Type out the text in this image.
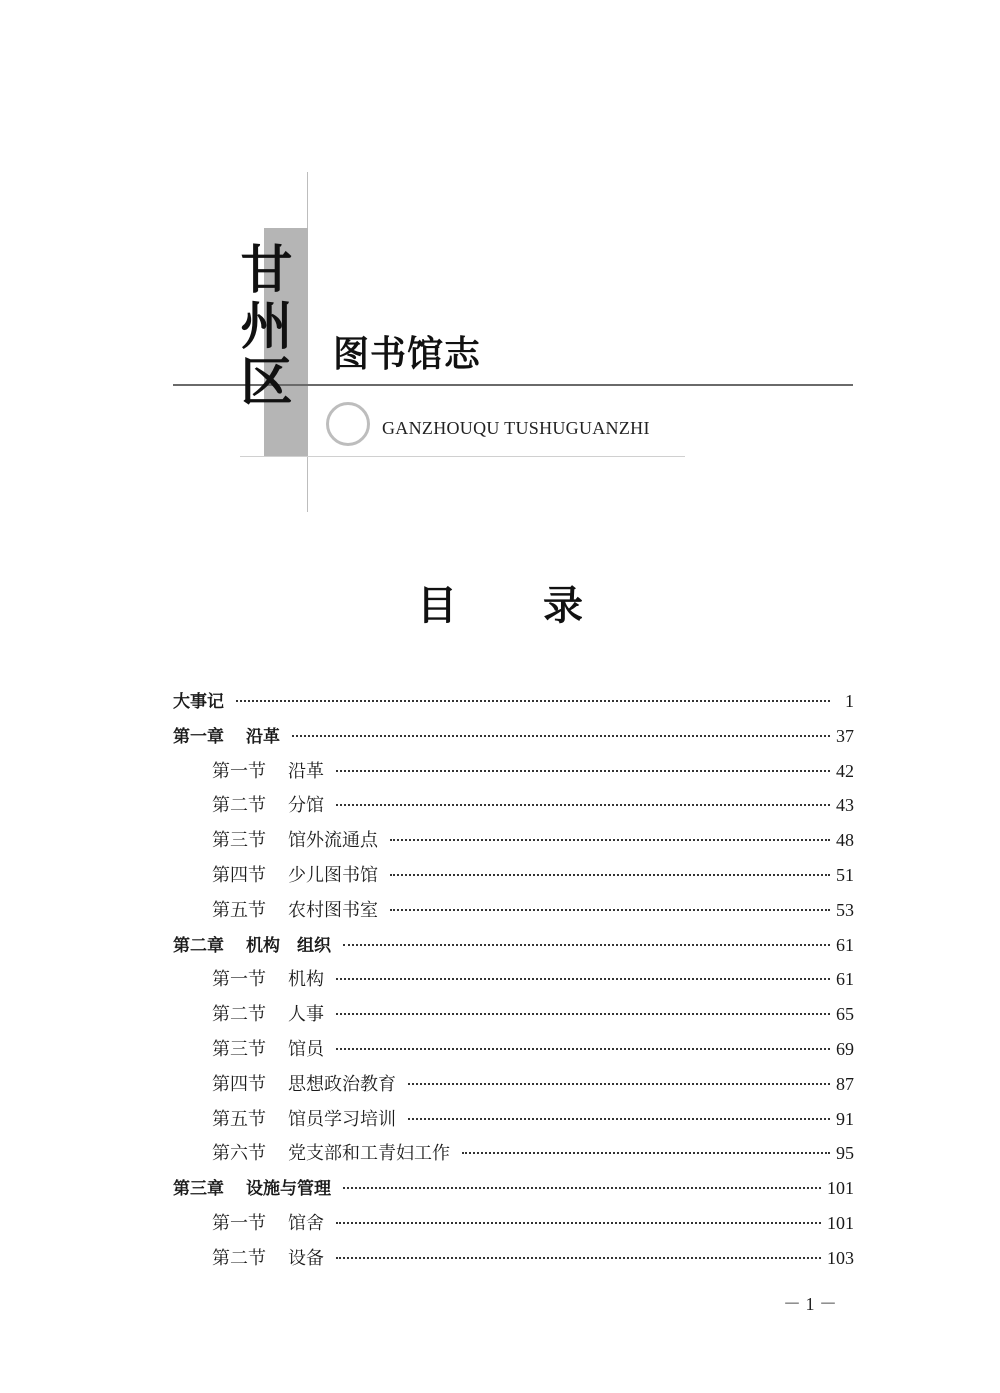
甘州区 图书馆志
GANZHOUQU TUSHUGUANZHI
目 录
大事记	1
第一章 沿革	37
第一节 沿革	42
第二节 分馆	43
第三节 馆外流通点	48
第四节 少儿图书馆	51
第五节 农村图书室	53
第二章 机构　组织	61
第一节 机构	61
第二节 人事	65
第三节 馆员	69
第四节 思想政治教育	87
第五节 馆员学习培训	91
第六节 党支部和工青妇工作	95
第三章 设施与管理	101
第一节 馆舍	101
第二节 设备	103
－ 1 －
